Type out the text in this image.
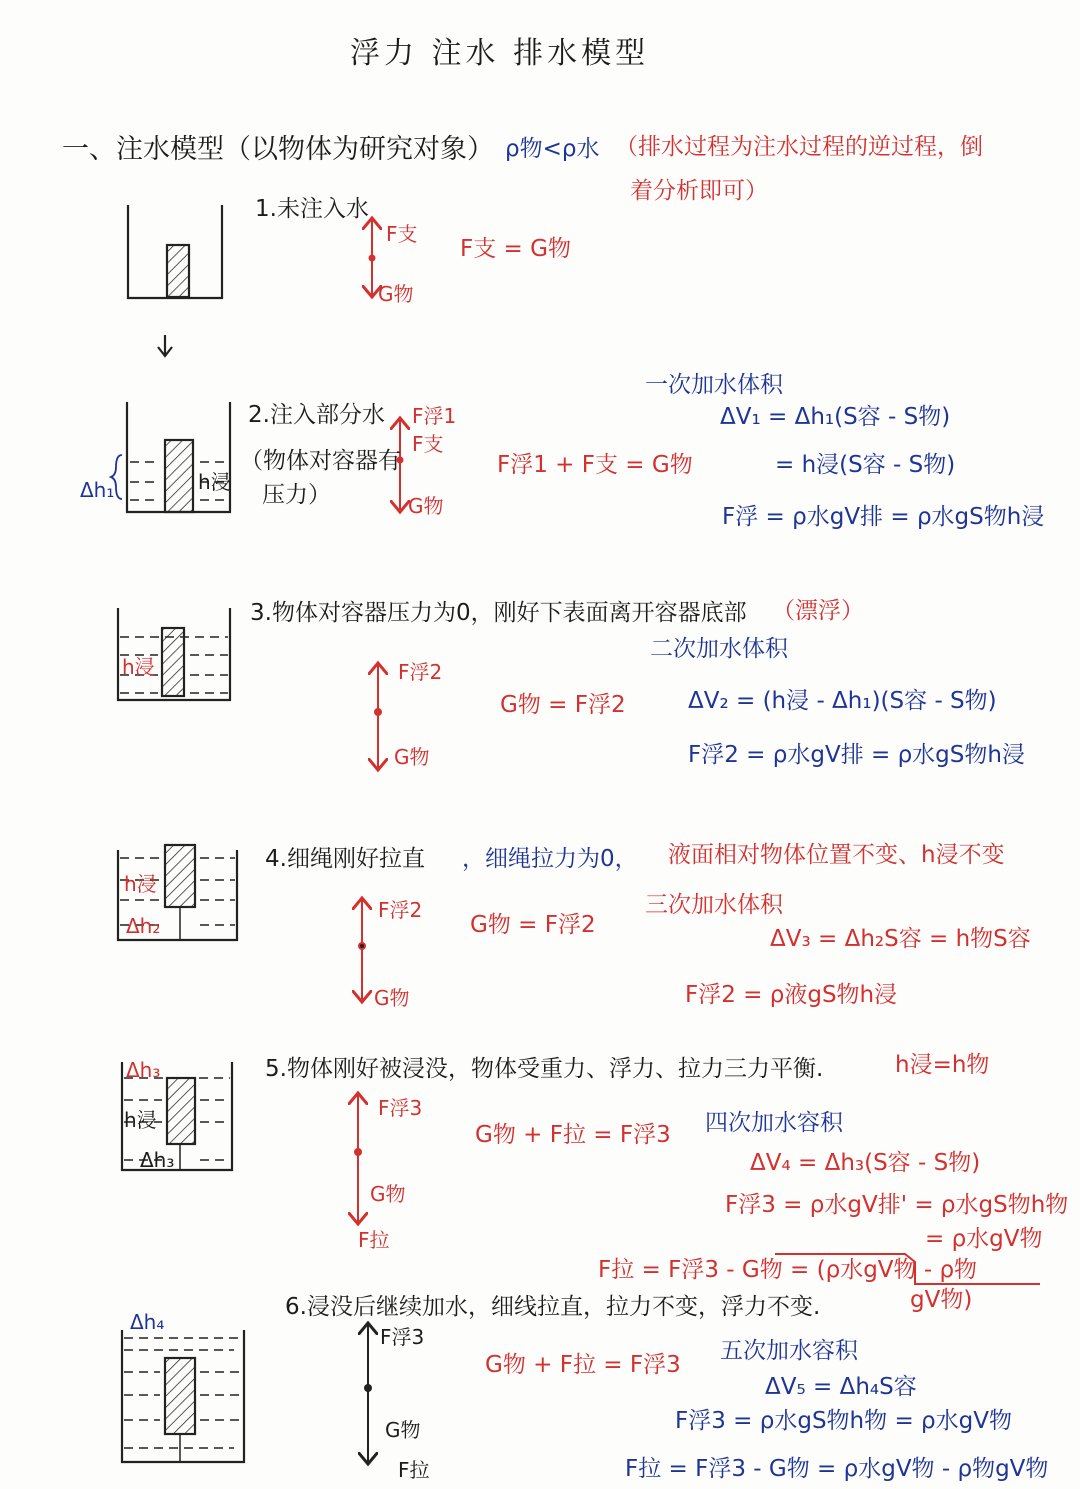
浮力 注水 排水模型
一、注水模型（以物体为研究对象） ρ物<ρ水 （排水过程为注水过程的逆过程，倒
着分析即可）
1.未注入水
F支
G物
F支 = G物
2.注入部分水
（物体对容器有
压力）
F浮1
F支
G物
F浮1 + F支 = G物
Δh₁	h浸
一次加水体积
ΔV₁ = Δh₁(S容 - S物)
= h浸(S容 - S物)
F浮 = ρ水gV排 = ρ水gS物h浸
3.物体对容器压力为0，刚好下表面离开容器底部 （漂浮）
h浸
二次加水体积
F浮2
G物
G物 = F浮2	ΔV₂ = (h浸 - Δh₁)(S容 - S物)
F浮2 = ρ水gV排 = ρ水gS物h浸
4.细绳刚好拉直 ，细绳拉力为0， 液面相对物体位置不变、h浸不变
h浸
Δh₂
F浮2
G物
G物 = F浮2
三次加水体积
ΔV₃ = Δh₂S容 = h物S容
F浮2 = ρ液gS物h浸
5.物体刚好被浸没，物体受重力、浮力、拉力三力平衡.	h浸=h物
Δh₃
h浸
Δh₃
F浮3
G物
F拉
G物 + F拉 = F浮3 四次加水容积
ΔV₄ = Δh₃(S容 - S物)
F浮3 = ρ水gV排' = ρ水gS物h物
= ρ水gV物
F拉 = F浮3 - G物 = (ρ水gV物 - ρ物
gV物)
6.浸没后继续加水，细线拉直，拉力不变，浮力不变.
Δh₄
F浮3
G物
F拉
G物 + F拉 = F浮3
五次加水容积
ΔV₅ = Δh₄S容
F浮3 = ρ水gS物h物 = ρ水gV物
F拉 = F浮3 - G物 = ρ水gV物 - ρ物gV物
